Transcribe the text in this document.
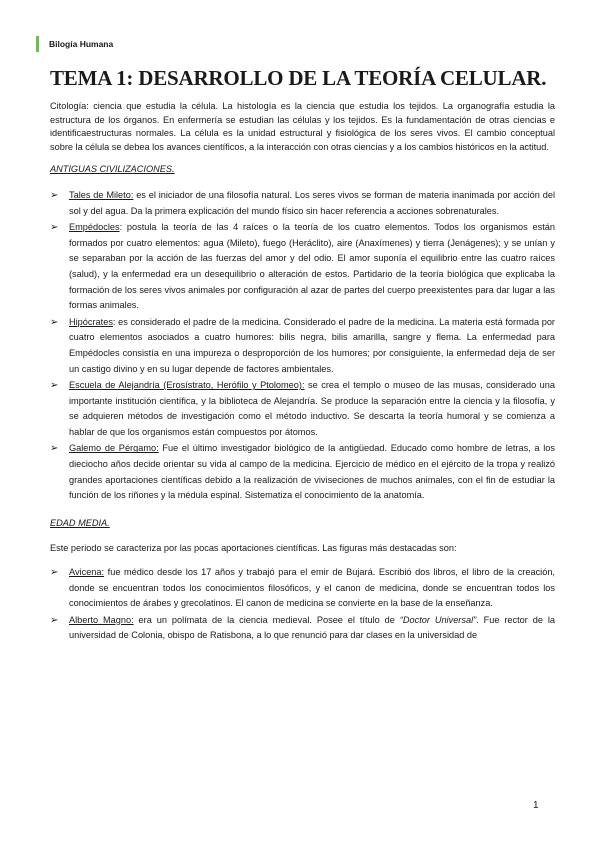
Bilogía Humana
TEMA 1: DESARROLLO DE LA TEORÍA CELULAR.

Citología: ciencia que estudia la célula. La histología es la ciencia que estudia los tejidos. La organografía estudia la estructura de los órganos. En enfermería se estudian las células y los tejidos. Es la fundamentación de otras ciencias e identificaestructuras normales. La célula es la unidad estructural y fisiológica de los seres vivos. El cambio conceptual sobre la célula se debea los avances científicos, a la interacción con otras ciencias y a los cambios históricos en la actitud.

ANTIGUAS CIVILIZACIONES.
➢ Tales de Mileto: es el iniciador de una filosofía natural. Los seres vivos se forman de materia inanimada por acción del sol y del agua. Da la primera explicación del mundo físico sin hacer referencia a acciones sobrenaturales.
➢ Empédocles: postula la teoría de las 4 raíces o la teoría de los cuatro elementos. Todos los organismos están formados por cuatro elementos: agua (Mileto), fuego (Heráclito), aire (Anaxímenes) y tierra (Jenágenes); y se unían y se separaban por la acción de las fuerzas del amor y del odio. El amor suponía el equilibrio entre las cuatro raíces (salud), y la enfermedad era un desequilibrio o alteración de estos. Partidario de la teoría biológica que explicaba la formación de los seres vivos animales por configuración al azar de partes del cuerpo preexistentes para dar lugar a las formas animales.
➢ Hipócrates: es considerado el padre de la medicina. Considerado el padre de la medicina. La materia está formada por cuatro elementos asociados a cuatro humores: bilis negra, bilis amarilla, sangre y flema. La enfermedad para Empédocles consistía en una impureza o desproporción de los humores; por consiguiente, la enfermedad deja de ser un castigo divino y en su lugar depende de factores ambientales.
➢ Escuela de Alejandría (Erosístrato, Herófilo y Ptolomeo): se crea el templo o museo de las musas, considerado una importante institución científica, y la biblioteca de Alejandría. Se produce la separación entre la ciencia y la filosofía, y se adquieren métodos de investigación como el método inductivo. Se descarta la teoría humoral y se comienza a hablar de que los organismos están compuestos por átomos.
➢ Galemo de Pérgamo: Fue el último investigador biológico de la antigüedad. Educado como hombre de letras, a los dieciocho años decide orientar su vida al campo de la medicina. Ejercicio de médico en el ejército de la tropa y realizó grandes aportaciones científicas debido a la realización de viviseciones de muchos animales, con el fin de estudiar la función de los riñones y la médula espinal. Sistematiza el conocimiento de la anatomía.
EDAD MEDIA.

Este periodo se caracteriza por las pocas aportaciones científicas. Las figuras más destacadas son:

➢ Avicena: fue médico desde los 17 años y trabajó para el emir de Bujará. Escribió dos libros, el libro de la creación, donde se encuentran todos los conocimientos filosóficos, y el canon de medicina, donde se encuentran todos los conocimientos de árabes y grecolatinos. El canon de medicina se convierte en la base de la enseñanza.
➢ Alberto Magno: era un polímata de la ciencia medieval. Posee el título de “Doctor Universal”. Fue rector de la universidad de Colonia, obispo de Ratisbona, a lo que renunció para dar clases en la universidad de
1
